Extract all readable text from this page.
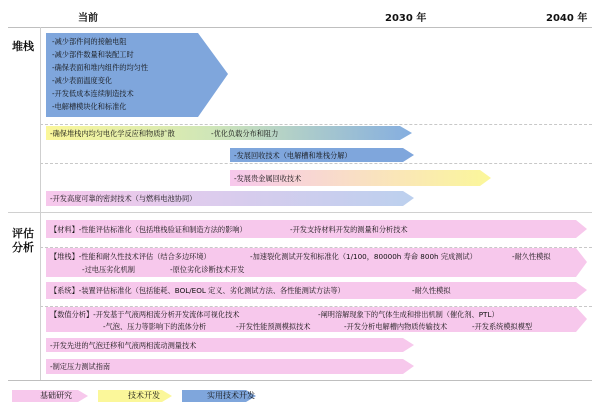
当前	2030 年	2040 年
堆栈
评估
分析
-减少部件间的接触电阻
-减少部件数量和装配工时
-确保表面和堆内组件的均匀性
-减少表面温度变化
-开发低成本连续制造技术
-电解槽模块化和标准化
-确保堆栈内均匀电化学反应和物质扩散	-优化负载分布和阻力
-发展回收技术（电解槽和堆栈分解）
-发展贵金属回收技术
-开发高度可靠的密封技术（与燃料电池协同）
【材料】-性能评估标准化（包括堆栈验证和制造方法的影响）	-开发支持材料开发的测量和分析技术
【堆栈】-性能和耐久性技术评估（结合多边环境）	-加速裂化测试开发和标准化（1/100，80000h 寿命 800h 完成测试）	-耐久性模拟
-过电压劣化机制	-原位劣化诊断技术开发
【系统】-装置评估标准化（包括能耗、BOL/EOL 定义、劣化测试方法、各性能测试方法等）	-耐久性模拟
【数值分析】-开发基于气液两相流分析开发流体可视化技术	-阐明溶解现象下的气体生成和排出机制（催化剂、PTL）
-气泡、压力等影响下的流体分析	-开发性能预测模拟技术	-开发分析电解槽内物质传输技术	-开发系统模拟模型
-开发先进的气泡迁移和气液两相流动测量技术
-制定压力测试指南
基础研究	技术开发	实用技术开发
